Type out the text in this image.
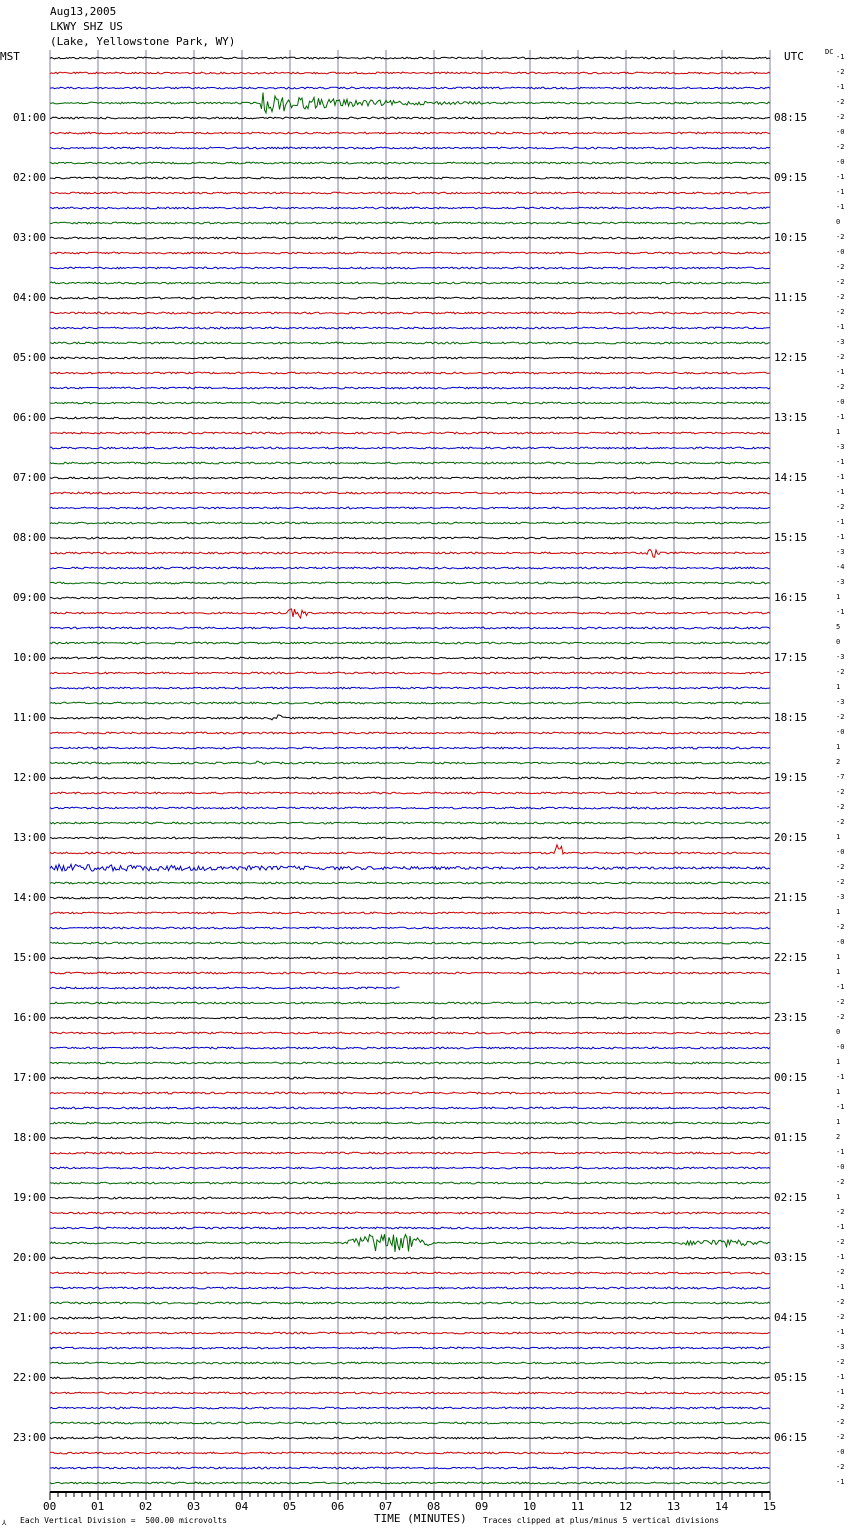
Aug13,2005
LKWY SHZ US
(Lake, Yellowstone Park, WY)
MST	UTC	DC
01:00
02:00
03:00
04:00
05:00
06:00
07:00
08:00
09:00
10:00
11:00
12:00
13:00
14:00
15:00
16:00
17:00
18:00
19:00
20:00
21:00
22:00
23:00
08:15
09:15
10:15
11:15
12:15
13:15
14:15
15:15
16:15
17:15
18:15
19:15
20:15
21:15
22:15
23:15
00:15
01:15
02:15
03:15
04:15
05:15
06:15
-1
-2
-1
-2
-2
-0
-2
-0
-1
-1
-1
0
-2
-0
-2
-2
-2
-2
-1
-3
-2
-1
-2
-0
-1
1
-3
-1
-1
-1
-2
-1
-1
-3
-4
-3
1
-1
5
0
-3
-2
1
-3
-2
-0
1
2
-7
-2
-2
-2
1
-0
-2
-2
-3
1
-2
-0
1
1
-1
-2
-2
0
-0
1
-1
1
-1
1
2
-1
-0
-2
1
-2
-1
-2
-1
-2
-1
-2
-2
-1
-3
-2
-1
-1
-2
-2
-2
-0
-2
-1
00	01	02	03	04	05	06	07	08	09	10	11	12	13	14	15
⅄ Each Vertical Division =  500.00 microvolts	TIME (MINUTES) Traces clipped at plus/minus 5 vertical divisions
